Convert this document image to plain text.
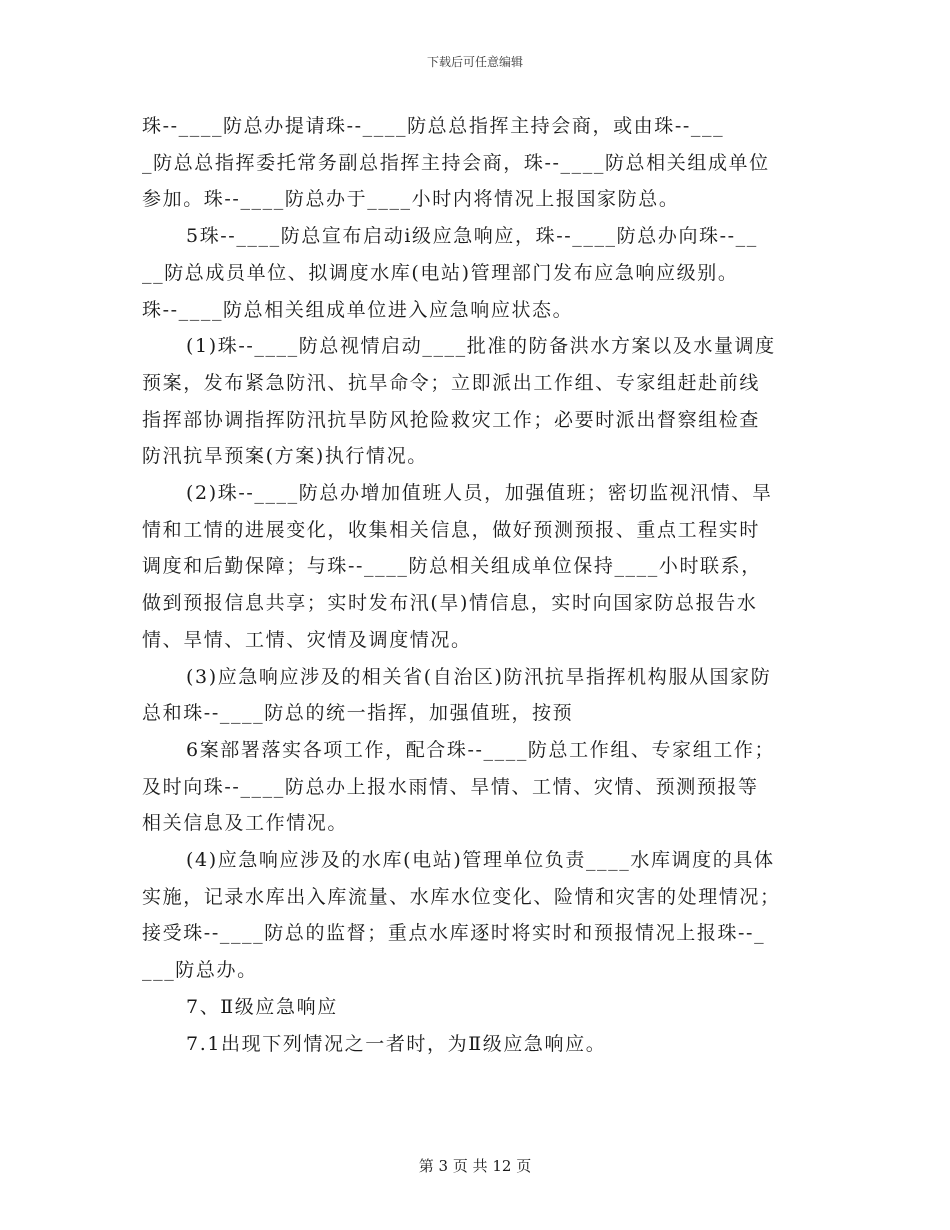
下载后可任意编辑

珠--____防总办提请珠--____防总总指挥主持会商，或由珠--___

_防总总指挥委托常务副总指挥主持会商，珠--____防总相关组成单位

参加。珠--____防总办于____小时内将情况上报国家防总。

5珠--____防总宣布启动i级应急响应，珠--____防总办向珠--__

__防总成员单位、拟调度水库(电站)管理部门发布应急响应级别。

珠--____防总相关组成单位进入应急响应状态。

(1)珠--____防总视情启动____批准的防备洪水方案以及水量调度

预案，发布紧急防汛、抗旱命令；立即派出工作组、专家组赶赴前线

指挥部协调指挥防汛抗旱防风抢险救灾工作；必要时派出督察组检查

防汛抗旱预案(方案)执行情况。

(2)珠--____防总办增加值班人员，加强值班；密切监视汛情、旱

情和工情的进展变化，收集相关信息，做好预测预报、重点工程实时

调度和后勤保障；与珠--____防总相关组成单位保持____小时联系，

做到预报信息共享；实时发布汛(旱)情信息，实时向国家防总报告水

情、旱情、工情、灾情及调度情况。

(3)应急响应涉及的相关省(自治区)防汛抗旱指挥机构服从国家防

总和珠--____防总的统一指挥，加强值班，按预

6案部署落实各项工作，配合珠--____防总工作组、专家组工作；

及时向珠--____防总办上报水雨情、旱情、工情、灾情、预测预报等

相关信息及工作情况。

(4)应急响应涉及的水库(电站)管理单位负责____水库调度的具体

实施，记录水库出入库流量、水库水位变化、险情和灾害的处理情况；

接受珠--____防总的监督；重点水库逐时将实时和预报情况上报珠--_

___防总办。

7、Ⅱ级应急响应

7.1出现下列情况之一者时，为Ⅱ级应急响应。

第 3 页 共 12 页
